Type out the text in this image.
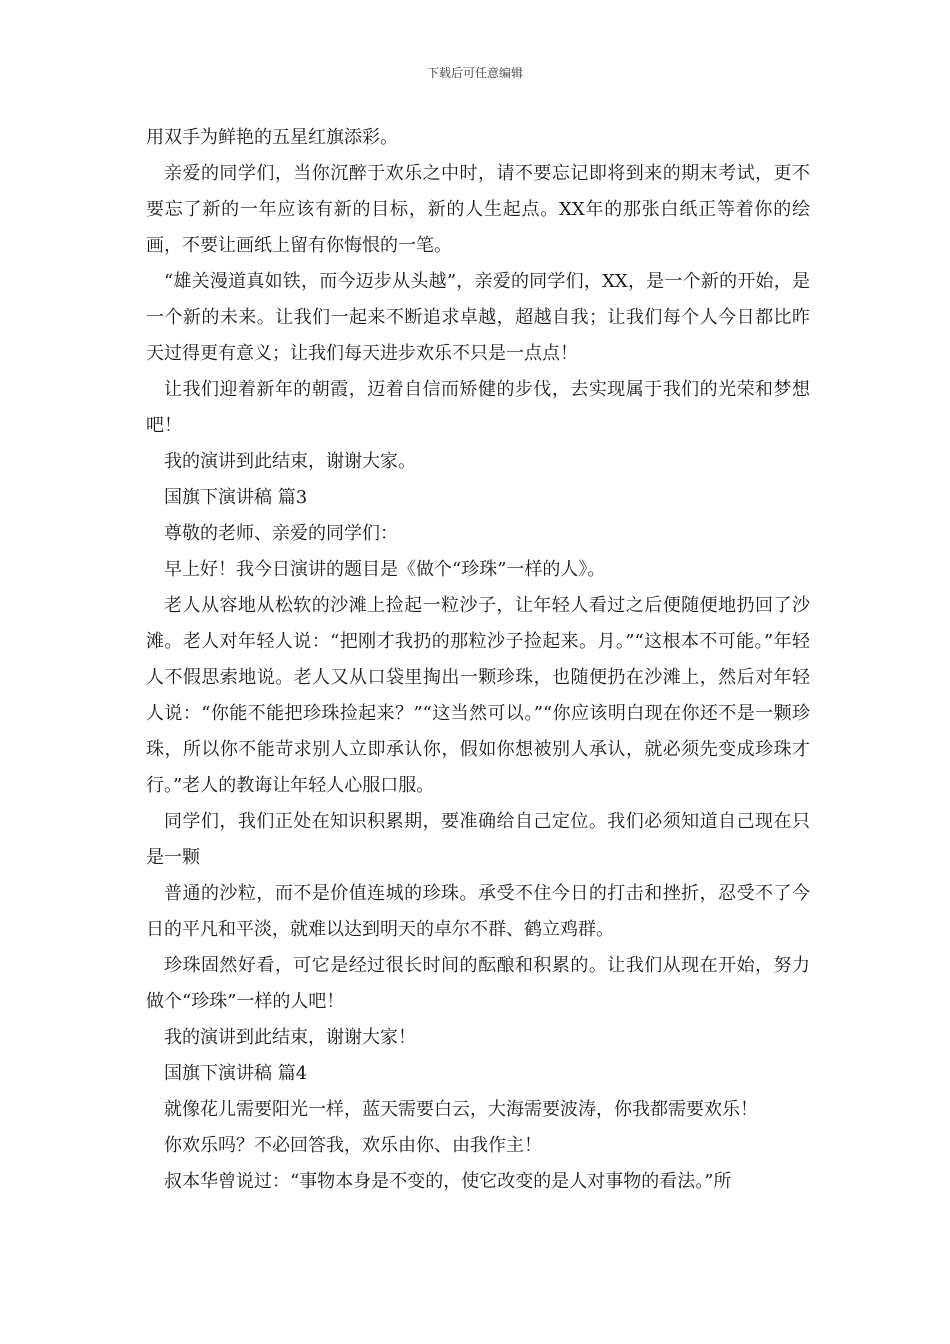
下载后可任意编辑

用双手为鲜艳的五星红旗添彩。

亲爱的同学们，当你沉醉于欢乐之中时，请不要忘记即将到来的期末考试，更不要忘了新的一年应该有新的目标，新的人生起点。XX年的那张白纸正等着你的绘画，不要让画纸上留有你悔恨的一笔。

“雄关漫道真如铁，而今迈步从头越”，亲爱的同学们，XX，是一个新的开始，是一个新的未来。让我们一起来不断追求卓越，超越自我；让我们每个人今日都比昨天过得更有意义；让我们每天进步欢乐不只是一点点！

让我们迎着新年的朝霞，迈着自信而矫健的步伐，去实现属于我们的光荣和梦想吧！

我的演讲到此结束，谢谢大家。

国旗下演讲稿 篇3

尊敬的老师、亲爱的同学们：

早上好！我今日演讲的题目是《做个“珍珠”一样的人》。

老人从容地从松软的沙滩上捡起一粒沙子，让年轻人看过之后便随便地扔回了沙滩。老人对年轻人说：“把刚才我扔的那粒沙子捡起来。月。”“这根本不可能。”年轻人不假思索地说。老人又从口袋里掏出一颗珍珠，也随便扔在沙滩上，然后对年轻人说：“你能不能把珍珠捡起来？”“这当然可以。”“你应该明白现在你还不是一颗珍珠，所以你不能苛求别人立即承认你，假如你想被别人承认，就必须先变成珍珠才行。”老人的教诲让年轻人心服口服。

同学们，我们正处在知识积累期，要准确给自己定位。我们必须知道自己现在只是一颗

普通的沙粒，而不是价值连城的珍珠。承受不住今日的打击和挫折，忍受不了今日的平凡和平淡，就难以达到明天的卓尔不群、鹤立鸡群。

珍珠固然好看，可它是经过很长时间的酝酿和积累的。让我们从现在开始，努力做个“珍珠”一样的人吧！

我的演讲到此结束，谢谢大家！

国旗下演讲稿 篇4

就像花儿需要阳光一样，蓝天需要白云，大海需要波涛，你我都需要欢乐！

你欢乐吗？不必回答我，欢乐由你、由我作主！

叔本华曾说过：“事物本身是不变的，使它改变的是人对事物的看法。”所
